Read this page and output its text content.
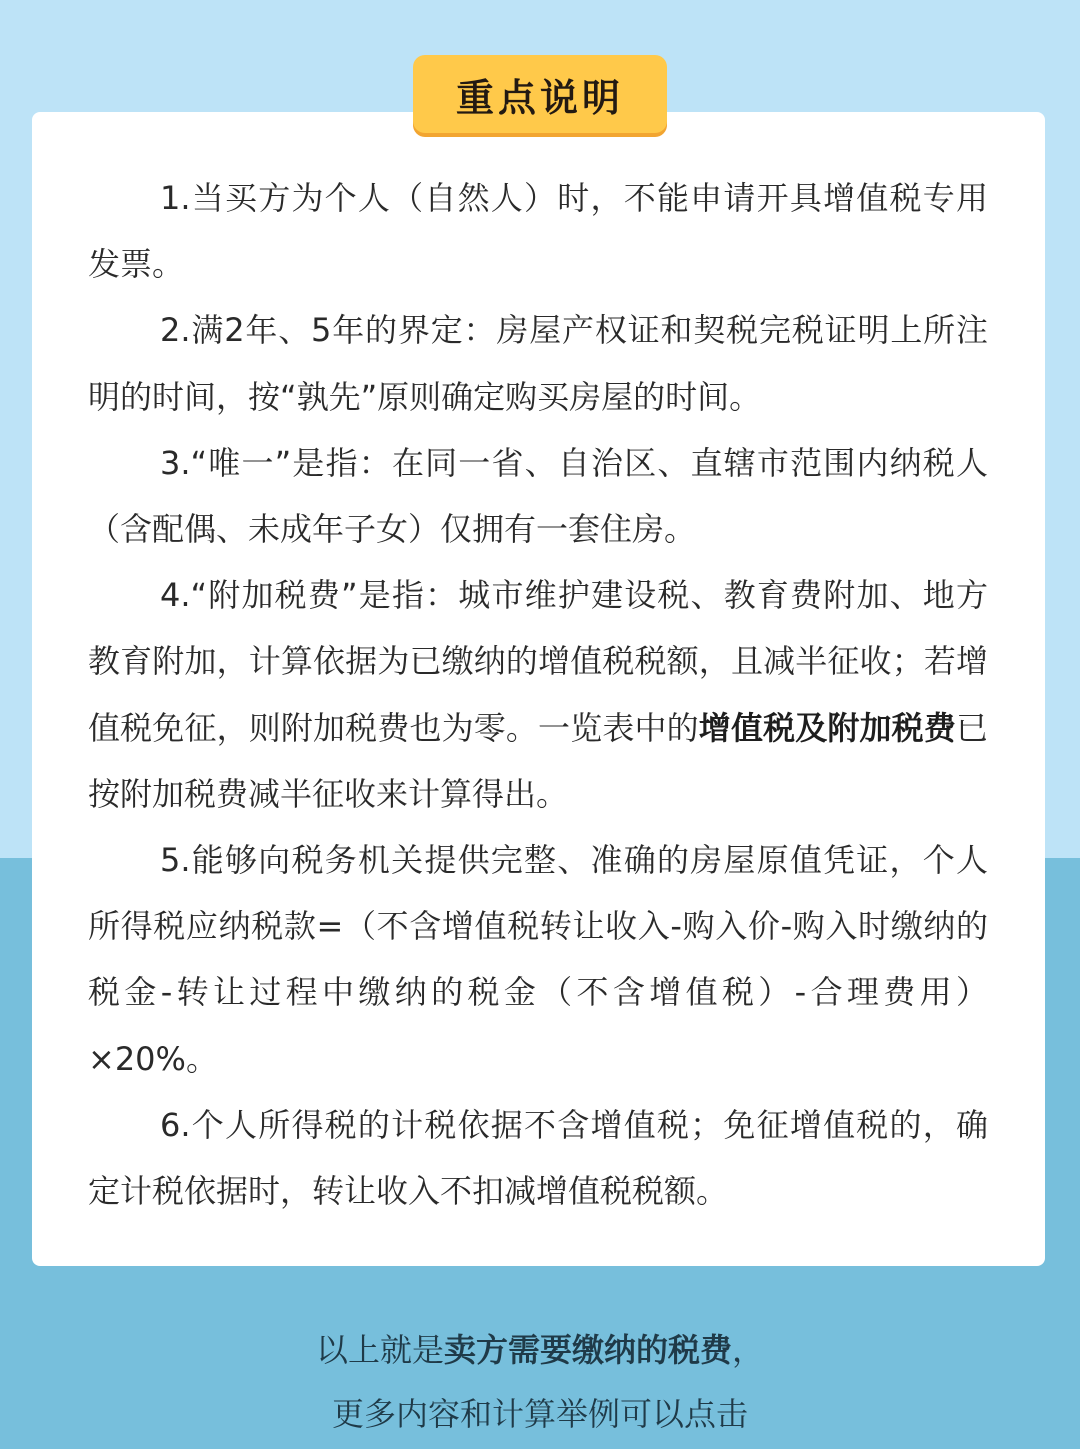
重点说明

1.当买方为个人（自然人）时，不能申请开具增值税专用发票。

2.满2年、5年的界定：房屋产权证和契税完税证明上所注明的时间，按“孰先”原则确定购买房屋的时间。

3.“唯一”是指：在同一省、自治区、直辖市范围内纳税人（含配偶、未成年子女）仅拥有一套住房。

4.“附加税费”是指：城市维护建设税、教育费附加、地方教育附加，计算依据为已缴纳的增值税税额，且减半征收；若增值税免征，则附加税费也为零。一览表中的增值税及附加税费已按附加税费减半征收来计算得出。

5.能够向税务机关提供完整、准确的房屋原值凭证，个人所得税应纳税款=（不含增值税转让收入-购入价-购入时缴纳的税金-转让过程中缴纳的税金（不含增值税）-合理费用）×20%。

6.个人所得税的计税依据不含增值税；免征增值税的，确定计税依据时，转让收入不扣减增值税税额。

以上就是卖方需要缴纳的税费，
更多内容和计算举例可以点击
